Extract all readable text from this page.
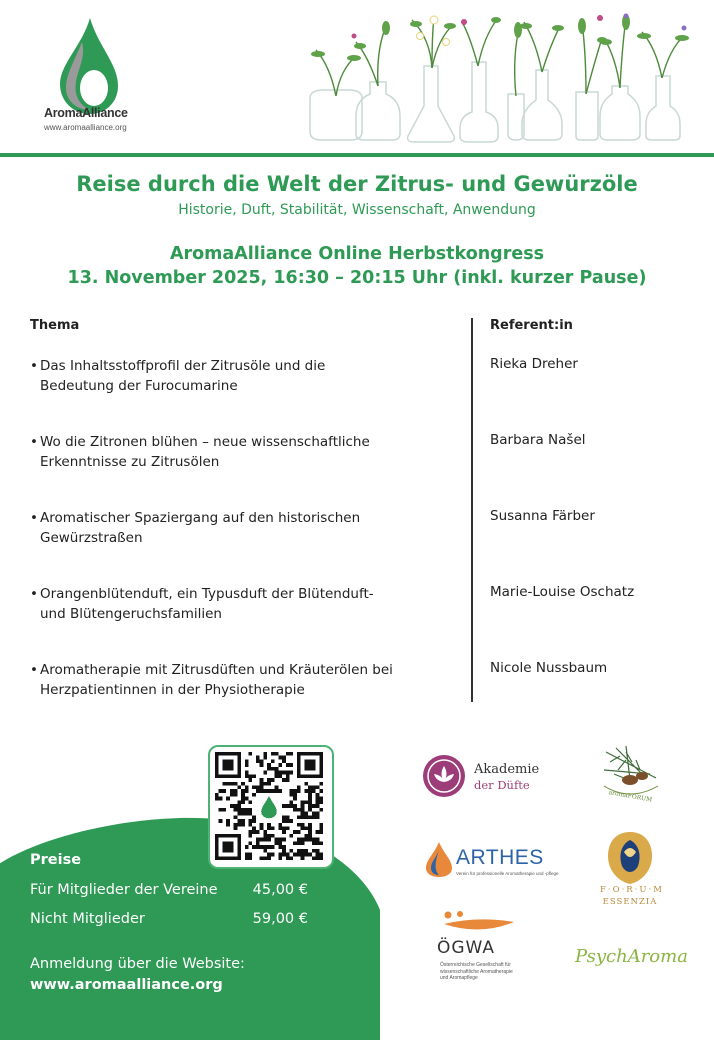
AromaAlliance
www.aromaalliance.org
Reise durch die Welt der Zitrus- und Gewürzöle
Historie, Duft, Stabilität, Wissenschaft, Anwendung
AromaAlliance Online Herbstkongress
13. November 2025, 16:30 – 20:15 Uhr (inkl. kurzer Pause)
Thema	Referent:in
• Das Inhaltsstoffprofil der Zitrusöle und die
Bedeutung der Furocumarine
Rieka Dreher
• Wo die Zitronen blühen – neue wissenschaftliche
Erkenntnisse zu Zitrusölen
Barbara Našel
• Aromatischer Spaziergang auf den historischen
Gewürzstraßen
Susanna Färber
• Orangenblütenduft, ein Typusduft der Blütenduft-
und Blütengeruchsfamilien
Marie-Louise Oschatz
• Aromatherapie mit Zitrusdüften und Kräuterölen bei
Herzpatientinnen in der Physiotherapie
Nicole Nussbaum
Preise
Für Mitglieder der Vereine	45,00 €
Nicht Mitglieder	59,00 €
Anmeldung über die Website:
www.aromaalliance.org
Akademie
der Düfte
aromaFORUM
ARTHES
Verein für professionelle Aromatherapie und -pflege
F·O·R·U·M
ESSENZIA
ÖGWA
Österreichische Gesellschaft für
wissenschaftliche Aromatherapie
und Aromapflege
PsychAroma
